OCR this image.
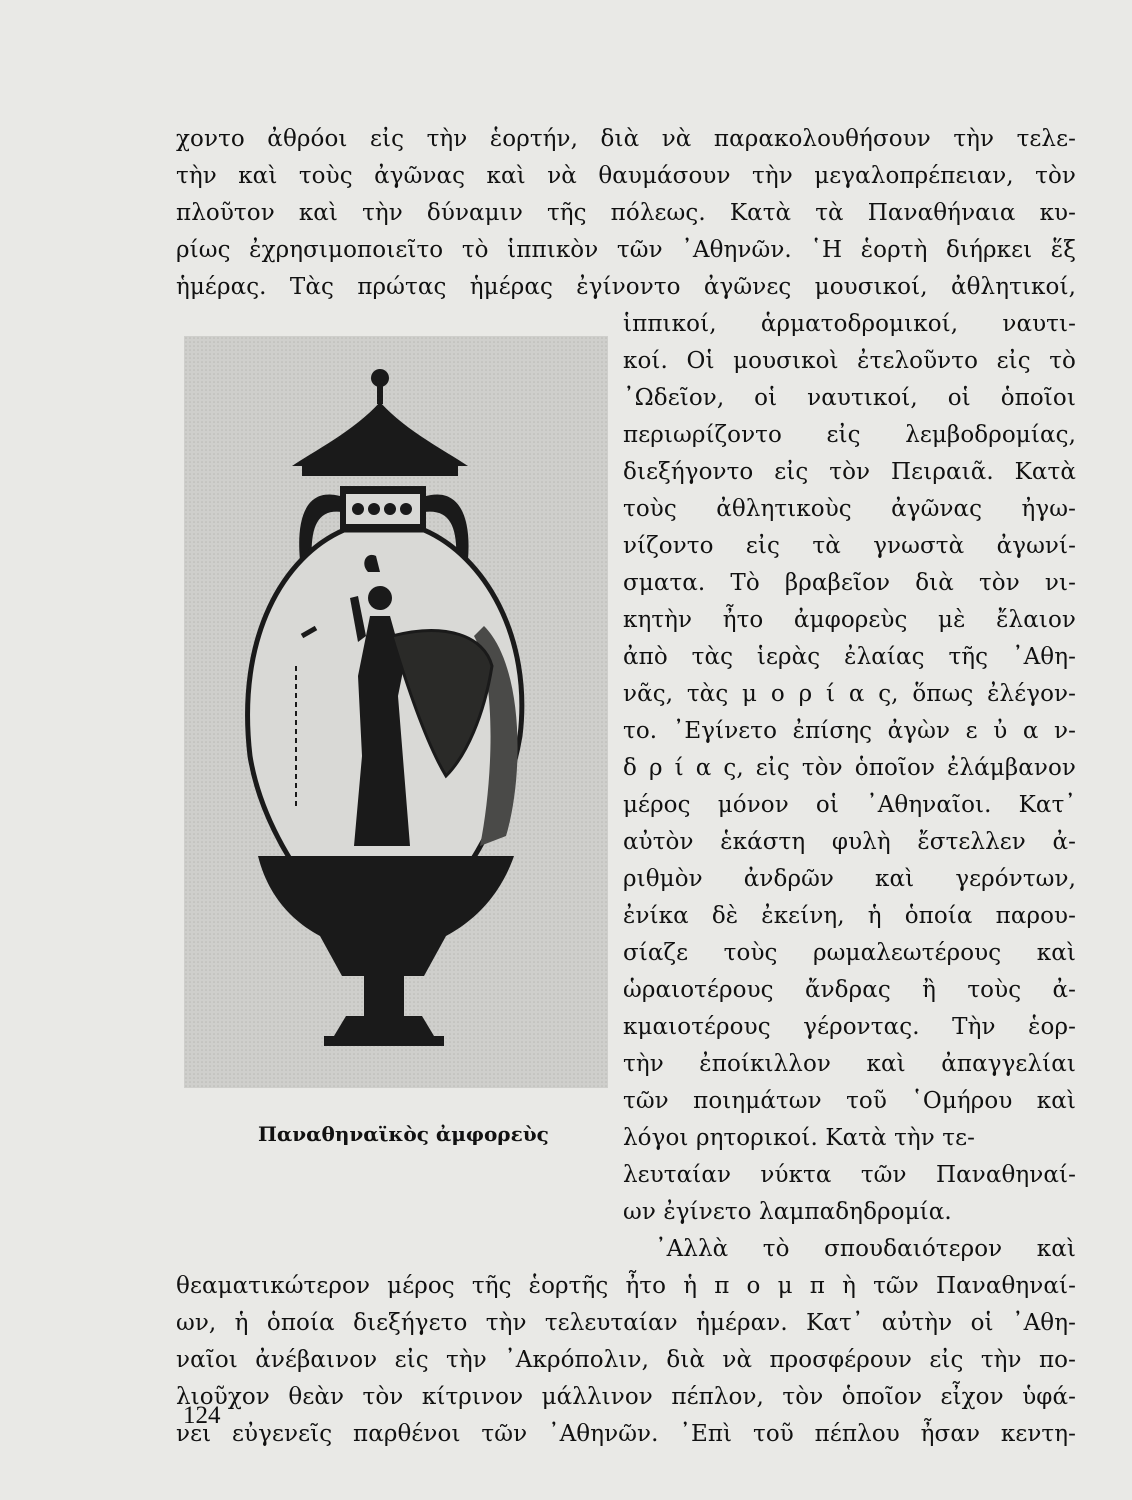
χοντο ἀθρόοι εἰς τὴν ἑορτήν, διὰ νὰ παρακολουθήσουν τὴν τελε-
τὴν καὶ τοὺς ἀγῶνας καὶ νὰ θαυμάσουν τὴν μεγαλοπρέπειαν, τὸν
πλοῦτον καὶ τὴν δύναμιν τῆς πόλεως. Κατὰ τὰ Παναθήναια κυ-
ρίως ἐχρησιμοποιεῖτο τὸ ἱππικὸν τῶν ᾿Αθηνῶν. ῾Η ἑορτὴ διήρκει ἕξ
ἡμέρας. Τὰς πρώτας ἡμέρας ἐγίνοντο ἀγῶνες μουσικοί, ἀθλητικοί,
ἱππικοί, ἁρματοδρομικοί, ναυτι-
κοί. Οἱ μουσικοὶ ἐτελοῦντο εἰς τὸ
᾿Ωδεῖον, οἱ ναυτικοί, οἱ ὁποῖοι
περιωρίζοντο εἰς λεμβοδρομίας,
διεξήγοντο εἰς τὸν Πειραιᾶ. Κατὰ
τοὺς ἀθλητικοὺς ἀγῶνας ἠγω-
νίζοντο εἰς τὰ γνωστὰ ἀγωνί-
σματα. Τὸ βραβεῖον διὰ τὸν νι-
κητὴν ἦτο ἀμφορεὺς μὲ ἔλαιον
ἀπὸ τὰς ἱερὰς ἐλαίας τῆς ᾿Αθη-
νᾶς, τὰς μ ο ρ ί α ς, ὅπως ἐλέγον-
το. ᾿Εγίνετο ἐπίσης ἀγὼν ε ὐ α ν-
δ ρ ί α ς, εἰς τὸν ὁποῖον ἐλάμβανον
μέρος μόνον οἱ ᾿Αθηναῖοι. Κατ᾿
αὐτὸν ἑκάστη φυλὴ ἔστελλεν ἀ-
ριθμὸν ἀνδρῶν καὶ γερόντων,
ἐνίκα δὲ ἐκείνη, ἡ ὁποία παρου-
σίαζε τοὺς ρωμαλεωτέρους καὶ
ὡραιοτέρους ἄνδρας ἢ τοὺς ἀ-
κμαιοτέρους γέροντας. Τὴν ἑορ-
τὴν ἐποίκιλλον καὶ ἀπαγγελίαι
τῶν ποιημάτων τοῦ ῾Ομήρου καὶ
λόγοι ρητορικοί. Κατὰ τὴν τε-
λευταίαν νύκτα τῶν Παναθηναί-
ων ἐγίνετο λαμπαδηδρομία.
᾿Αλλὰ τὸ σπουδαιότερον καὶ
θεαματικώτερον μέρος τῆς ἑορτῆς ἦτο ἡ π ο μ π ὴ τῶν Παναθηναί-
ων, ἡ ὁποία διεξήγετο τὴν τελευταίαν ἡμέραν. Κατ᾿ αὐτὴν οἱ ᾿Αθη-
ναῖοι ἀνέβαινον εἰς τὴν ᾿Ακρόπολιν, διὰ νὰ προσφέρουν εἰς τὴν πο-
λιοῦχον θεὰν τὸν κίτρινον μάλλινον πέπλον, τὸν ὁποῖον εἶχον ὑφά-
νει εὐγενεῖς παρθένοι τῶν ᾿Αθηνῶν. ᾿Επὶ τοῦ πέπλου ἦσαν κεντη-
Παναθηναϊκὸς ἀμφορεὺς
124
